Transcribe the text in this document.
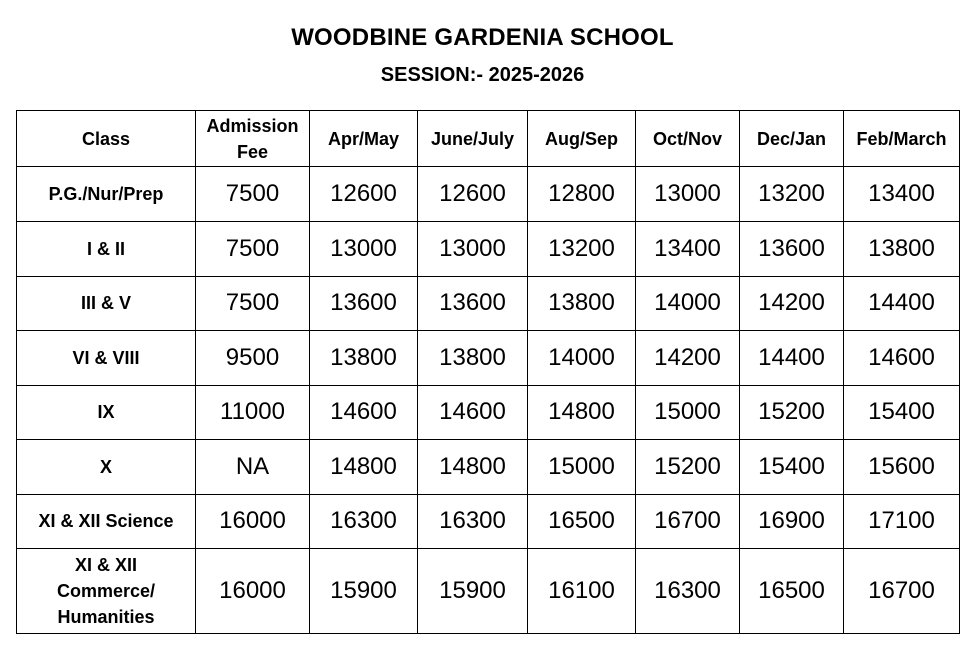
WOODBINE GARDENIA SCHOOL
SESSION:- 2025-2026
Class	Admission Fee	Apr/May	June/July	Aug/Sep	Oct/Nov	Dec/Jan	Feb/March
P.G./Nur/Prep	7500	12600	12600	12800	13000	13200	13400
I & II	7500	13000	13000	13200	13400	13600	13800
III & V	7500	13600	13600	13800	14000	14200	14400
VI & VIII	9500	13800	13800	14000	14200	14400	14600
IX	11000	14600	14600	14800	15000	15200	15400
X	NA	14800	14800	15000	15200	15400	15600
XI & XII Science	16000	16300	16300	16500	16700	16900	17100
XI & XII Commerce/ Humanities	16000	15900	15900	16100	16300	16500	16700
